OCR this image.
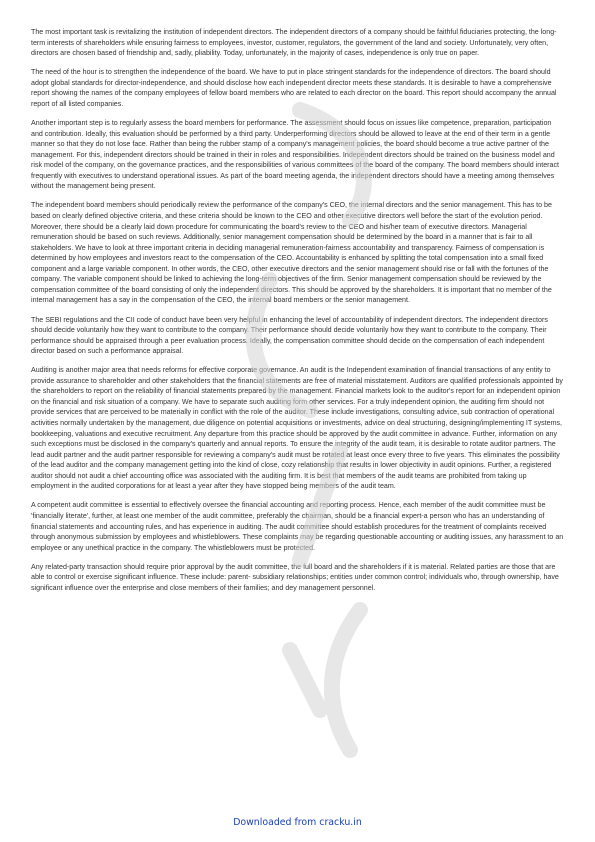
The most important task is revitalizing the institution of independent directors. The independent directors of a company should be faithful fiduciaries protecting, the long-term interests of shareholders while ensuring fairness to employees, investor, customer, regulators, the government of the land and society. Unfortunately, very often, directors are chosen based of friendship and, sadly, pliability. Today, unfortunately, in the majority of cases, independence is only true on paper.

The need of the hour is to strengthen the independence of the board. We have to put in place stringent standards for the independence of directors. The board should adopt global standards for director-independence, and should disclose how each independent director meets these standards. It is desirable to have a comprehensive report showing the names of the company employees of fellow board members who are related to each director on the board. This report should accompany the annual report of all listed companies.

Another important step is to regularly assess the board members for performance. The assessment should focus on issues like competence, preparation, participation and contribution. Ideally, this evaluation should be performed by a third party. Underperforming directors should be allowed to leave at the end of their term in a gentle manner so that they do not lose face. Rather than being the rubber stamp of a company's management policies, the board should become a true active partner of the management. For this, independent directors should be trained in their in roles and responsibilities. Independent directors should be trained on the business model and risk model of the company, on the governance practices, and the responsibilities of various committees of the board of the company. The board members should interact frequently with executives to understand operational issues. As part of the board meeting agenda, the independent directors should have a meeting among themselves without the management being present.

The independent board members should periodically review the performance of the company's CEO, the internal directors and the senior management. This has to be based on clearly defined objective criteria, and these criteria should be known to the CEO and other executive directors well before the start of the evolution period. Moreover, there should be a clearly laid down procedure for communicating the board's review to the CEO and his/her team of executive directors. Managerial remuneration should be based on such reviews. Additionally, senior management compensation should be determined by the board in a manner that is fair to all stakeholders. We have to look at three important criteria in deciding managerial remuneration-fairness accountability and transparency. Fairness of compensation is determined by how employees and investors react to the compensation of the CEO. Accountability is enhanced by splitting the total compensation into a small fixed component and a large variable component. In other words, the CEO, other executive directors and the senior management should rise or fall with the fortunes of the company. The variable component should be linked to achieving the long-term objectives of the firm. Senior management compensation should be reviewed by the compensation committee of the board consisting of only the independent directors. This should be approved by the shareholders. It is important that no member of the internal management has a say in the compensation of the CEO, the internal board members or the senior management.

The SEBI regulations and the CII code of conduct have been very helpful in enhancing the level of accountability of independent directors. The independent directors should decide voluntarily how they want to contribute to the company. Their performance should decide voluntarily how they want to contribute to the company. Their performance should be appraised through a peer evaluation process. Ideally, the compensation committee should decide on the compensation of each independent director based on such a performance appraisal.

Auditing is another major area that needs reforms for effective corporate governance. An audit is the Independent examination of financial transactions of any entity to provide assurance to shareholder and other stakeholders that the financial statements are free of material misstatement. Auditors are qualified professionals appointed by the shareholders to report on the reliability of financial statements prepared by the management. Financial markets look to the auditor's report for an independent opinion on the financial and risk situation of a company. We have to separate such auditing form other services. For a truly independent opinion, the auditing firm should not provide services that are perceived to be materially in conflict with the role of the auditor. These include investigations, consulting advice, sub contraction of operational activities normally undertaken by the management, due diligence on potential acquisitions or investments, advice on deal structuring, designing/implementing IT systems, bookkeeping, valuations and executive recruitment. Any departure from this practice should be approved by the audit committee in advance. Further, information on any such exceptions must be disclosed in the company's quarterly and annual reports. To ensure the integrity of the audit team, it is desirable to rotate auditor partners. The lead audit partner and the audit partner responsible for reviewing a company's audit must be rotated at least once every three to five years. This eliminates the possibility of the lead auditor and the company management getting into the kind of close, cozy relationship that results in lower objectivity in audit opinions. Further, a registered auditor should not audit a chief accounting office was associated with the auditing firm. It is best that members of the audit teams are prohibited from taking up employment in the audited corporations for at least a year after they have stopped being members of the audit team.

A competent audit committee is essential to effectively oversee the financial accounting and reporting process. Hence, each member of the audit committee must be 'financially literate', further, at least one member of the audit committee, preferably the chairman, should be a financial expert-a person who has an understanding of financial statements and accounting rules, and has experience in auditing. The audit committee should establish procedures for the treatment of complaints received through anonymous submission by employees and whistleblowers. These complaints may be regarding questionable accounting or auditing issues, any harassment to an employee or any unethical practice in the company. The whistleblowers must be protected.

Any related-party transaction should require prior approval by the audit committee, the full board and the shareholders if it is material. Related parties are those that are able to control or exercise significant influence. These include: parent- subsidiary relationships; entities under common control; individuals who, through ownership, have significant influence over the enterprise and close members of their families; and dey management personnel.

Downloaded from cracku.in
